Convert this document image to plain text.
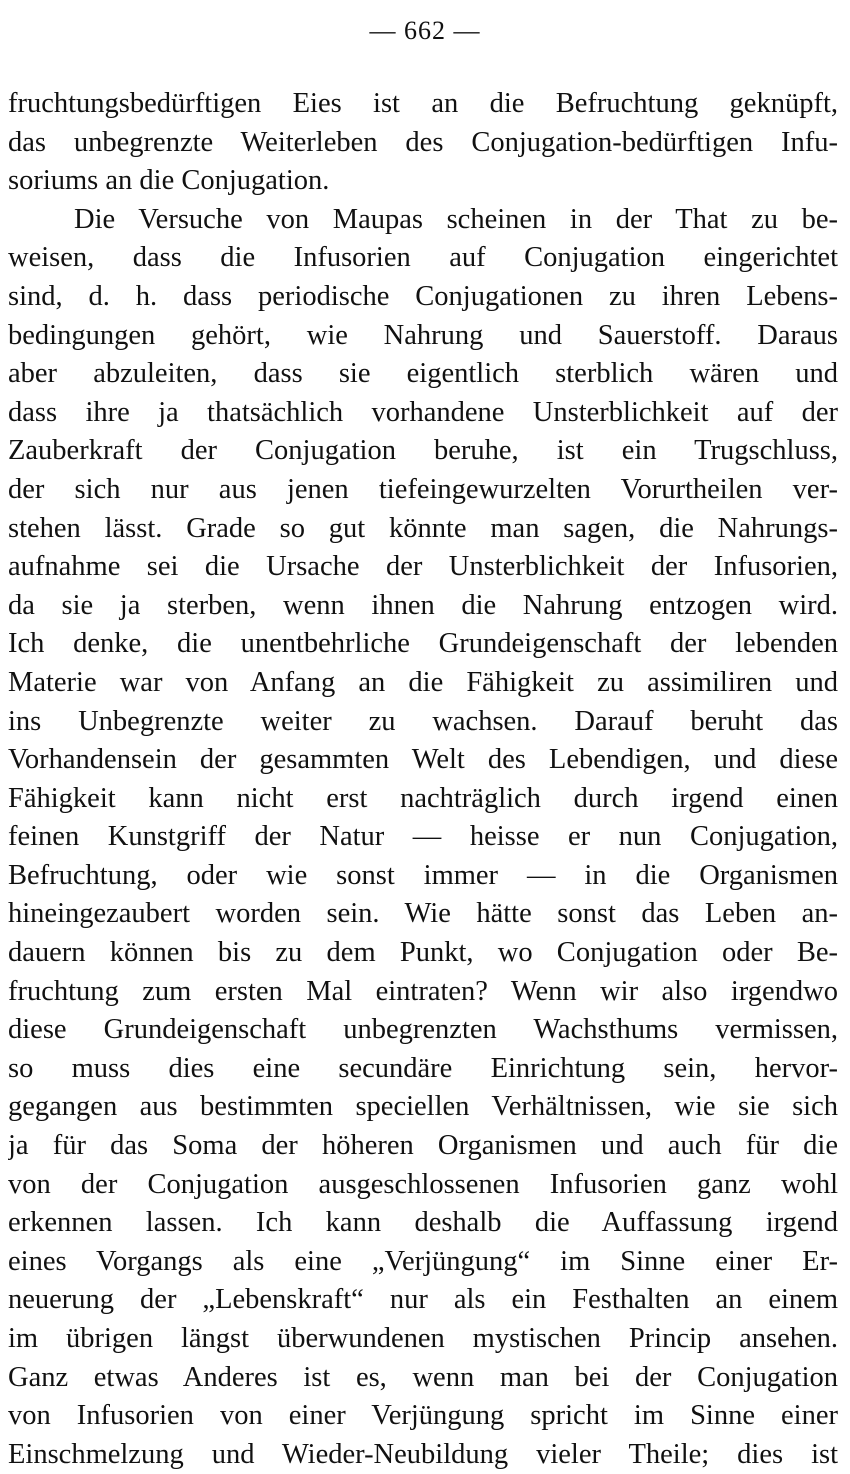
— 662 —
fruchtungsbedürftigen Eies ist an die Befruchtung geknüpft,
das unbegrenzte Weiterleben des Conjugation-bedürftigen Infu-
soriums an die Conjugation.
Die Versuche von Maupas scheinen in der That zu be-
weisen, dass die Infusorien auf Conjugation eingerichtet
sind, d. h. dass periodische Conjugationen zu ihren Lebens-
bedingungen gehört, wie Nahrung und Sauerstoff. Daraus
aber abzuleiten, dass sie eigentlich sterblich wären und
dass ihre ja thatsächlich vorhandene Unsterblichkeit auf der
Zauberkraft der Conjugation beruhe, ist ein Trugschluss,
der sich nur aus jenen tiefeingewurzelten Vorurtheilen ver-
stehen lässt. Grade so gut könnte man sagen, die Nahrungs-
aufnahme sei die Ursache der Unsterblichkeit der Infusorien,
da sie ja sterben, wenn ihnen die Nahrung entzogen wird.
Ich denke, die unentbehrliche Grundeigenschaft der lebenden
Materie war von Anfang an die Fähigkeit zu assimiliren und
ins Unbegrenzte weiter zu wachsen. Darauf beruht das
Vorhandensein der gesammten Welt des Lebendigen, und diese
Fähigkeit kann nicht erst nachträglich durch irgend einen
feinen Kunstgriff der Natur — heisse er nun Conjugation,
Befruchtung, oder wie sonst immer — in die Organismen
hineingezaubert worden sein. Wie hätte sonst das Leben an-
dauern können bis zu dem Punkt, wo Conjugation oder Be-
fruchtung zum ersten Mal eintraten? Wenn wir also irgendwo
diese Grundeigenschaft unbegrenzten Wachsthums vermissen,
so muss dies eine secundäre Einrichtung sein, hervor-
gegangen aus bestimmten speciellen Verhältnissen, wie sie sich
ja für das Soma der höheren Organismen und auch für die
von der Conjugation ausgeschlossenen Infusorien ganz wohl
erkennen lassen. Ich kann deshalb die Auffassung irgend
eines Vorgangs als eine „Verjüngung“ im Sinne einer Er-
neuerung der „Lebenskraft“ nur als ein Festhalten an einem
im übrigen längst überwundenen mystischen Princip ansehen.
Ganz etwas Anderes ist es, wenn man bei der Conjugation
von Infusorien von einer Verjüngung spricht im Sinne einer
Einschmelzung und Wieder-Neubildung vieler Theile; dies ist
